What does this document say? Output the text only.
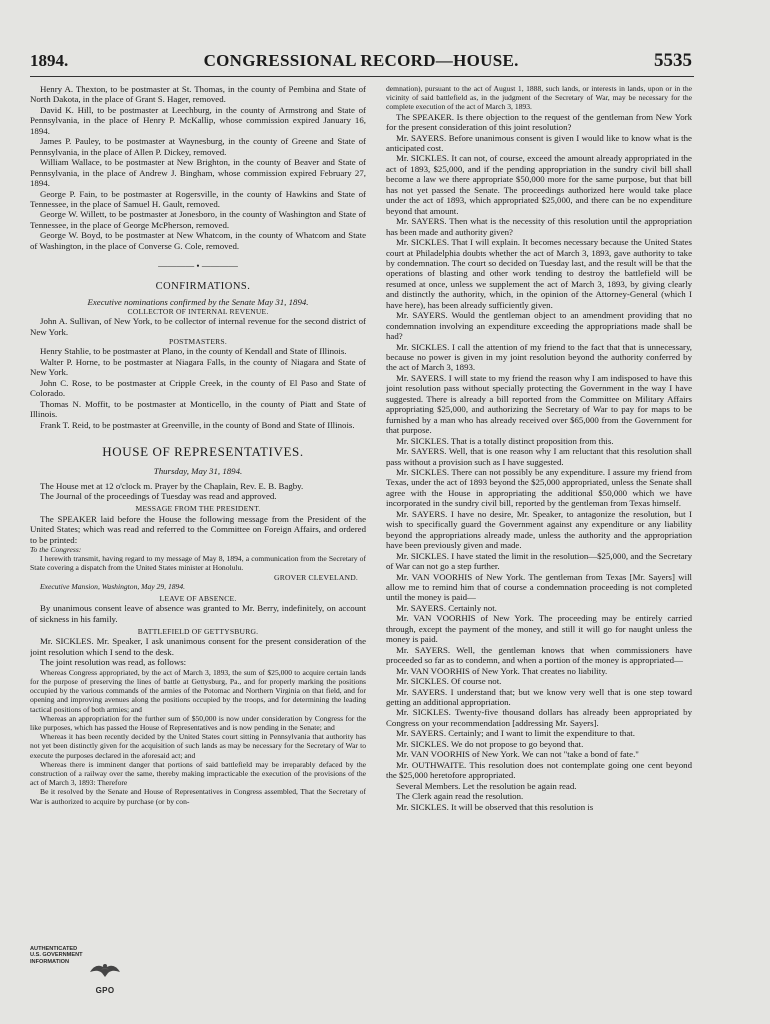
1894.	CONGRESSIONAL RECORD—HOUSE.	5535

Henry A. Thexton, to be postmaster at St. Thomas, in the county of Pembina and State of North Dakota, in the place of Grant S. Hager, removed.

David K. Hill, to be postmaster at Leechburg, in the county of Armstrong and State of Pennsylvania, in the place of Henry P. McKallip, whose commission expired January 16, 1894.

James P. Pauley, to be postmaster at Waynesburg, in the county of Greene and State of Pennsylvania, in the place of Allen P. Dickey, removed.

William Wallace, to be postmaster at New Brighton, in the county of Beaver and State of Pennsylvania, in the place of Andrew J. Bingham, whose commission expired February 27, 1894.

George P. Fain, to be postmaster at Rogersville, in the county of Hawkins and State of Tennessee, in the place of Samuel H. Gault, removed.

George W. Willett, to be postmaster at Jonesboro, in the county of Washington and State of Tennessee, in the place of George McPherson, removed.

George W. Boyd, to be postmaster at New Whatcom, in the county of Whatcom and State of Washington, in the place of Converse G. Cole, removed.

———— • ————

CONFIRMATIONS.

Executive nominations confirmed by the Senate May 31, 1894.

COLLECTOR OF INTERNAL REVENUE.

John A. Sullivan, of New York, to be collector of internal revenue for the second district of New York.

POSTMASTERS.

Henry Stahlie, to be postmaster at Plano, in the county of Kendall and State of Illinois.

Walter P. Horne, to be postmaster at Niagara Falls, in the county of Niagara and State of New York.

John C. Rose, to be postmaster at Cripple Creek, in the county of El Paso and State of Colorado.

Thomas N. Moffit, to be postmaster at Monticello, in the county of Piatt and State of Illinois.

Frank T. Reid, to be postmaster at Greenville, in the county of Bond and State of Illinois.

HOUSE OF REPRESENTATIVES.

Thursday, May 31, 1894.

The House met at 12 o'clock m. Prayer by the Chaplain, Rev. E. B. Bagby.

The Journal of the proceedings of Tuesday was read and approved.

MESSAGE FROM THE PRESIDENT.

The SPEAKER laid before the House the following message from the President of the United States; which was read and referred to the Committee on Foreign Affairs, and ordered to be printed:

To the Congress:

I herewith transmit, having regard to my message of May 8, 1894, a communication from the Secretary of State covering a dispatch from the United States minister at Honolulu.

GROVER CLEVELAND.

Executive Mansion, Washington, May 29, 1894.

LEAVE OF ABSENCE.

By unanimous consent leave of absence was granted to Mr. Berry, indefinitely, on account of sickness in his family.

BATTLEFIELD OF GETTYSBURG.

Mr. SICKLES. Mr. Speaker, I ask unanimous consent for the present consideration of the joint resolution which I send to the desk.

The joint resolution was read, as follows:

Whereas Congress appropriated, by the act of March 3, 1893, the sum of $25,000 to acquire certain lands for the purpose of preserving the lines of battle at Gettysburg, Pa., and for properly marking the positions occupied by the various commands of the armies of the Potomac and Northern Virginia on that field, and for opening and improving avenues along the positions occupied by the troops, and for determining the leading tactical positions of both armies; and

Whereas an appropriation for the further sum of $50,000 is now under consideration by Congress for the like purposes, which has passed the House of Representatives and is now pending in the Senate; and

Whereas it has been recently decided by the United States court sitting in Pennsylvania that authority has not yet been distinctly given for the acquisition of such lands as may be necessary for the Secretary of War to execute the purposes declared in the aforesaid act; and

Whereas there is imminent danger that portions of said battlefield may be irreparably defaced by the construction of a railway over the same, thereby making impracticable the execution of the provisions of the act of March 3, 1893: Therefore

Be it resolved by the Senate and House of Representatives in Congress assembled, That the Secretary of War is authorized to acquire by purchase (or by con-

demnation), pursuant to the act of August 1, 1888, such lands, or interests in lands, upon or in the vicinity of said battlefield as, in the judgment of the Secretary of War, may be necessary for the complete execution of the act of March 3, 1893.

The SPEAKER. Is there objection to the request of the gentleman from New York for the present consideration of this joint resolution?

Mr. SAYERS. Before unanimous consent is given I would like to know what is the anticipated cost.

Mr. SICKLES. It can not, of course, exceed the amount already appropriated in the act of 1893, $25,000, and if the pending appropriation in the sundry civil bill shall become a law we there appropriate $50,000 more for the same purpose, but that bill has not yet passed the Senate. The proceedings authorized here would take place under the act of 1893, which appropriated $25,000, and there can be no expenditure beyond that amount.

Mr. SAYERS. Then what is the necessity of this resolution until the appropriation has been made and authority given?

Mr. SICKLES. That I will explain. It becomes necessary because the United States court at Philadelphia doubts whether the act of March 3, 1893, gave authority to take by condemnation. The court so decided on Tuesday last, and the result will be that the operations of blasting and other work tending to destroy the battlefield will be resumed at once, unless we supplement the act of March 3, 1893, by giving clearly and distinctly the authority, which, in the opinion of the Attorney-General (which I have here), has been already sufficiently given.

Mr. SAYERS. Would the gentleman object to an amendment providing that no condemnation involving an expenditure exceeding the appropriations made shall be had?

Mr. SICKLES. I call the attention of my friend to the fact that that is unnecessary, because no power is given in my joint resolution beyond the authority conferred by the act of March 3, 1893.

Mr. SAYERS. I will state to my friend the reason why I am indisposed to have this joint resolution pass without specially protecting the Government in the way I have suggested. There is already a bill reported from the Committee on Military Affairs appropriating $25,000, and authorizing the Secretary of War to pay for maps to be furnished by a man who has already received over $65,000 from the Government for that purpose.

Mr. SICKLES. That is a totally distinct proposition from this.

Mr. SAYERS. Well, that is one reason why I am reluctant that this resolution shall pass without a provision such as I have suggested.

Mr. SICKLES. There can not possibly be any expenditure. I assure my friend from Texas, under the act of 1893 beyond the $25,000 appropriated, unless the Senate shall agree with the House in appropriating the additional $50,000 which we have incorporated in the sundry civil bill, reported by the gentleman from Texas himself.

Mr. SAYERS. I have no desire, Mr. Speaker, to antagonize the resolution, but I wish to specifically guard the Government against any expenditure or any liability beyond the appropriations already made, unless the authority and the appropriation have been previously given and made.

Mr. SICKLES. I have stated the limit in the resolution—$25,000, and the Secretary of War can not go a step further.

Mr. VAN VOORHIS of New York. The gentleman from Texas [Mr. Sayers] will allow me to remind him that of course a condemnation proceeding is not completed until the money is paid—

Mr. SAYERS. Certainly not.

Mr. VAN VOORHIS of New York. The proceeding may be entirely carried through, except the payment of the money, and still it will go for naught unless the money is paid.

Mr. SAYERS. Well, the gentleman knows that when commissioners have proceeded so far as to condemn, and when a portion of the money is appropriated—

Mr. VAN VOORHIS of New York. That creates no liability.

Mr. SICKLES. Of course not.

Mr. SAYERS. I understand that; but we know very well that is one step toward getting an additional appropriation.

Mr. SICKLES. Twenty-five thousand dollars has already been appropriated by Congress on your recommendation [addressing Mr. Sayers].

Mr. SAYERS. Certainly; and I want to limit the expenditure to that.

Mr. SICKLES. We do not propose to go beyond that.

Mr. VAN VOORHIS of New York. We can not "take a bond of fate."

Mr. OUTHWAITE. This resolution does not contemplate going one cent beyond the $25,000 heretofore appropriated.

Several Members. Let the resolution be again read.

The Clerk again read the resolution.

Mr. SICKLES. It will be observed that this resolution is

AUTHENTICATED
U.S. GOVERNMENT
INFORMATION
GPO
